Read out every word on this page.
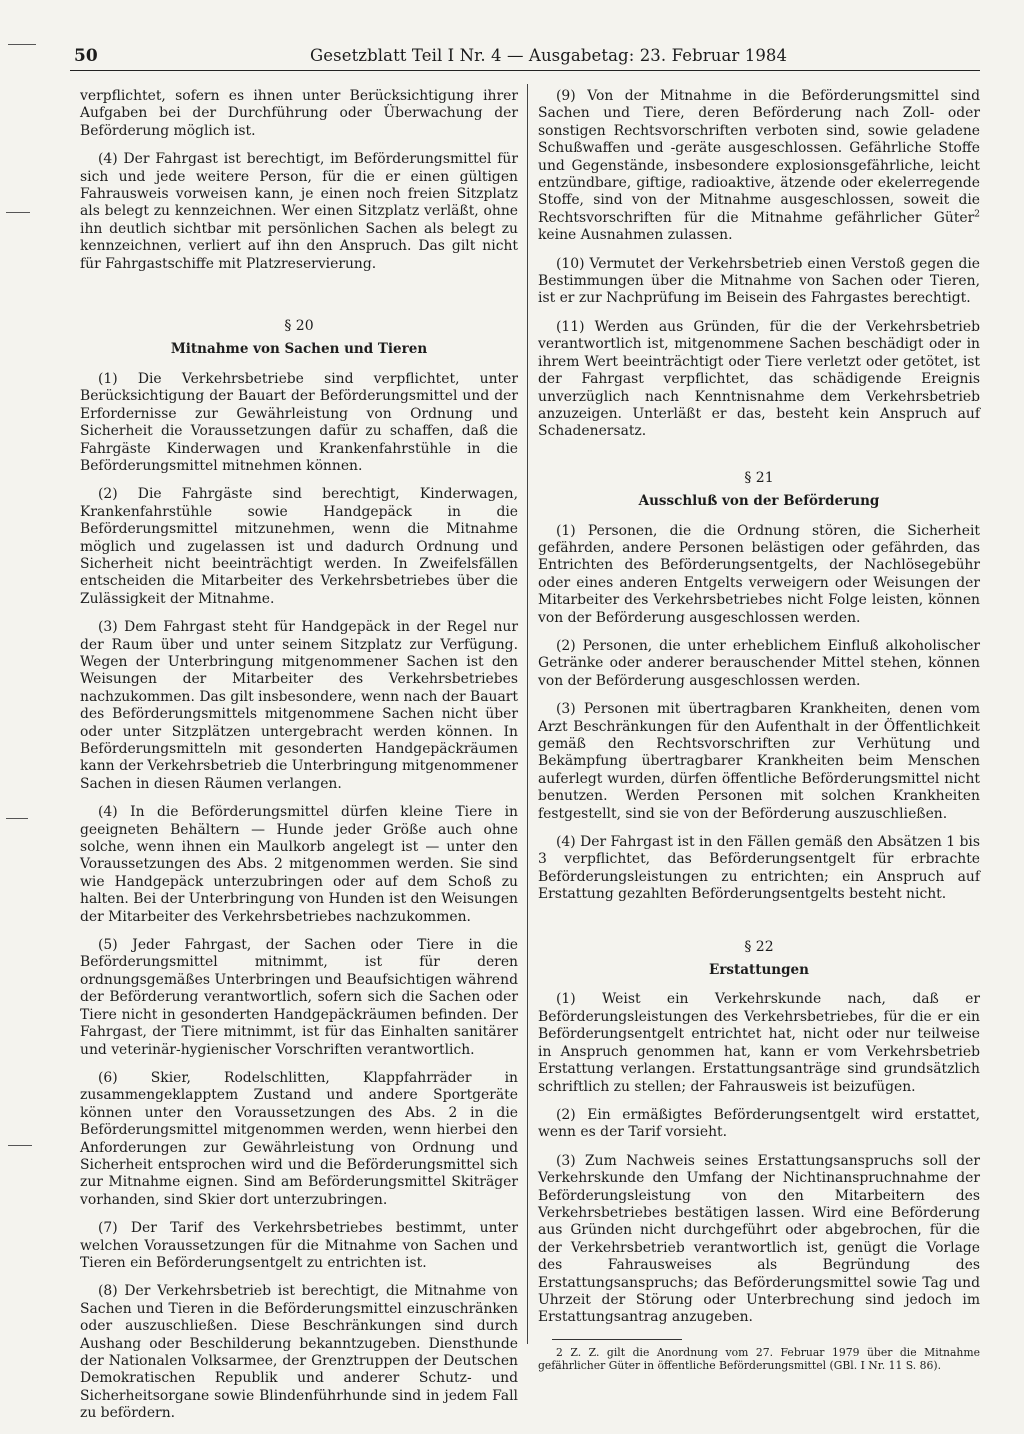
50	Gesetzblatt Teil I Nr. 4 — Ausgabetag: 23. Februar 1984

verpflichtet, sofern es ihnen unter Berücksichtigung ihrer Aufgaben bei der Durchführung oder Überwachung der Beförderung möglich ist.

(4) Der Fahrgast ist berechtigt, im Beförderungsmittel für sich und jede weitere Person, für die er einen gültigen Fahrausweis vorweisen kann, je einen noch freien Sitzplatz als belegt zu kennzeichnen. Wer einen Sitzplatz verläßt, ohne ihn deutlich sichtbar mit persönlichen Sachen als belegt zu kennzeichnen, verliert auf ihn den Anspruch. Das gilt nicht für Fahrgastschiffe mit Platzreservierung.

§ 20
Mitnahme von Sachen und Tieren

(1) Die Verkehrsbetriebe sind verpflichtet, unter Berücksichtigung der Bauart der Beförderungsmittel und der Erfordernisse zur Gewährleistung von Ordnung und Sicherheit die Voraussetzungen dafür zu schaffen, daß die Fahrgäste Kinderwagen und Krankenfahrstühle in die Beförderungsmittel mitnehmen können.

(2) Die Fahrgäste sind berechtigt, Kinderwagen, Krankenfahrstühle sowie Handgepäck in die Beförderungsmittel mitzunehmen, wenn die Mitnahme möglich und zugelassen ist und dadurch Ordnung und Sicherheit nicht beeinträchtigt werden. In Zweifelsfällen entscheiden die Mitarbeiter des Verkehrsbetriebes über die Zulässigkeit der Mitnahme.

(3) Dem Fahrgast steht für Handgepäck in der Regel nur der Raum über und unter seinem Sitzplatz zur Verfügung. Wegen der Unterbringung mitgenommener Sachen ist den Weisungen der Mitarbeiter des Verkehrsbetriebes nachzukommen. Das gilt insbesondere, wenn nach der Bauart des Beförderungsmittels mitgenommene Sachen nicht über oder unter Sitzplätzen untergebracht werden können. In Beförderungsmitteln mit gesonderten Handgepäckräumen kann der Verkehrsbetrieb die Unterbringung mitgenommener Sachen in diesen Räumen verlangen.

(4) In die Beförderungsmittel dürfen kleine Tiere in geeigneten Behältern — Hunde jeder Größe auch ohne solche, wenn ihnen ein Maulkorb angelegt ist — unter den Voraussetzungen des Abs. 2 mitgenommen werden. Sie sind wie Handgepäck unterzubringen oder auf dem Schoß zu halten. Bei der Unterbringung von Hunden ist den Weisungen der Mitarbeiter des Verkehrsbetriebes nachzukommen.

(5) Jeder Fahrgast, der Sachen oder Tiere in die Beförderungsmittel mitnimmt, ist für deren ordnungsgemäßes Unterbringen und Beaufsichtigen während der Beförderung verantwortlich, sofern sich die Sachen oder Tiere nicht in gesonderten Handgepäckräumen befinden. Der Fahrgast, der Tiere mitnimmt, ist für das Einhalten sanitärer und veterinär-hygienischer Vorschriften verantwortlich.

(6) Skier, Rodelschlitten, Klappfahrräder in zusammengeklapptem Zustand und andere Sportgeräte können unter den Voraussetzungen des Abs. 2 in die Beförderungsmittel mitgenommen werden, wenn hierbei den Anforderungen zur Gewährleistung von Ordnung und Sicherheit entsprochen wird und die Beförderungsmittel sich zur Mitnahme eignen. Sind am Beförderungsmittel Skiträger vorhanden, sind Skier dort unterzubringen.

(7) Der Tarif des Verkehrsbetriebes bestimmt, unter welchen Voraussetzungen für die Mitnahme von Sachen und Tieren ein Beförderungsentgelt zu entrichten ist.

(8) Der Verkehrsbetrieb ist berechtigt, die Mitnahme von Sachen und Tieren in die Beförderungsmittel einzuschränken oder auszuschließen. Diese Beschränkungen sind durch Aushang oder Beschilderung bekanntzugeben. Diensthunde der Nationalen Volksarmee, der Grenztruppen der Deutschen Demokratischen Republik und anderer Schutz- und Sicherheitsorgane sowie Blindenführhunde sind in jedem Fall zu befördern.

(9) Von der Mitnahme in die Beförderungsmittel sind Sachen und Tiere, deren Beförderung nach Zoll- oder sonstigen Rechtsvorschriften verboten sind, sowie geladene Schußwaffen und -geräte ausgeschlossen. Gefährliche Stoffe und Gegenstände, insbesondere explosionsgefährliche, leicht entzündbare, giftige, radioaktive, ätzende oder ekelerregende Stoffe, sind von der Mitnahme ausgeschlossen, soweit die Rechtsvorschriften für die Mitnahme gefährlicher Güter$^2$ keine Ausnahmen zulassen.

(10) Vermutet der Verkehrsbetrieb einen Verstoß gegen die Bestimmungen über die Mitnahme von Sachen oder Tieren, ist er zur Nachprüfung im Beisein des Fahrgastes berechtigt.

(11) Werden aus Gründen, für die der Verkehrsbetrieb verantwortlich ist, mitgenommene Sachen beschädigt oder in ihrem Wert beeinträchtigt oder Tiere verletzt oder getötet, ist der Fahrgast verpflichtet, das schädigende Ereignis unverzüglich nach Kenntnisnahme dem Verkehrsbetrieb anzuzeigen. Unterläßt er das, besteht kein Anspruch auf Schadenersatz.

§ 21
Ausschluß von der Beförderung

(1) Personen, die die Ordnung stören, die Sicherheit gefährden, andere Personen belästigen oder gefährden, das Entrichten des Beförderungsentgelts, der Nachlösegebühr oder eines anderen Entgelts verweigern oder Weisungen der Mitarbeiter des Verkehrsbetriebes nicht Folge leisten, können von der Beförderung ausgeschlossen werden.

(2) Personen, die unter erheblichem Einfluß alkoholischer Getränke oder anderer berauschender Mittel stehen, können von der Beförderung ausgeschlossen werden.

(3) Personen mit übertragbaren Krankheiten, denen vom Arzt Beschränkungen für den Aufenthalt in der Öffentlichkeit gemäß den Rechtsvorschriften zur Verhütung und Bekämpfung übertragbarer Krankheiten beim Menschen auferlegt wurden, dürfen öffentliche Beförderungsmittel nicht benutzen. Werden Personen mit solchen Krankheiten festgestellt, sind sie von der Beförderung auszuschließen.

(4) Der Fahrgast ist in den Fällen gemäß den Absätzen 1 bis 3 verpflichtet, das Beförderungsentgelt für erbrachte Beförderungsleistungen zu entrichten; ein Anspruch auf Erstattung gezahlten Beförderungsentgelts besteht nicht.

§ 22
Erstattungen

(1) Weist ein Verkehrskunde nach, daß er Beförderungsleistungen des Verkehrsbetriebes, für die er ein Beförderungsentgelt entrichtet hat, nicht oder nur teilweise in Anspruch genommen hat, kann er vom Verkehrsbetrieb Erstattung verlangen. Erstattungsanträge sind grundsätzlich schriftlich zu stellen; der Fahrausweis ist beizufügen.

(2) Ein ermäßigtes Beförderungsentgelt wird erstattet, wenn es der Tarif vorsieht.

(3) Zum Nachweis seines Erstattungsanspruchs soll der Verkehrskunde den Umfang der Nichtinanspruchnahme der Beförderungsleistung von den Mitarbeitern des Verkehrsbetriebes bestätigen lassen. Wird eine Beförderung aus Gründen nicht durchgeführt oder abgebrochen, für die der Verkehrsbetrieb verantwortlich ist, genügt die Vorlage des Fahrausweises als Begründung des Erstattungsanspruchs; das Beförderungsmittel sowie Tag und Uhrzeit der Störung oder Unterbrechung sind jedoch im Erstattungsantrag anzugeben.

2 Z. Z. gilt die Anordnung vom 27. Februar 1979 über die Mitnahme gefährlicher Güter in öffentliche Beförderungsmittel (GBl. I Nr. 11 S. 86).
